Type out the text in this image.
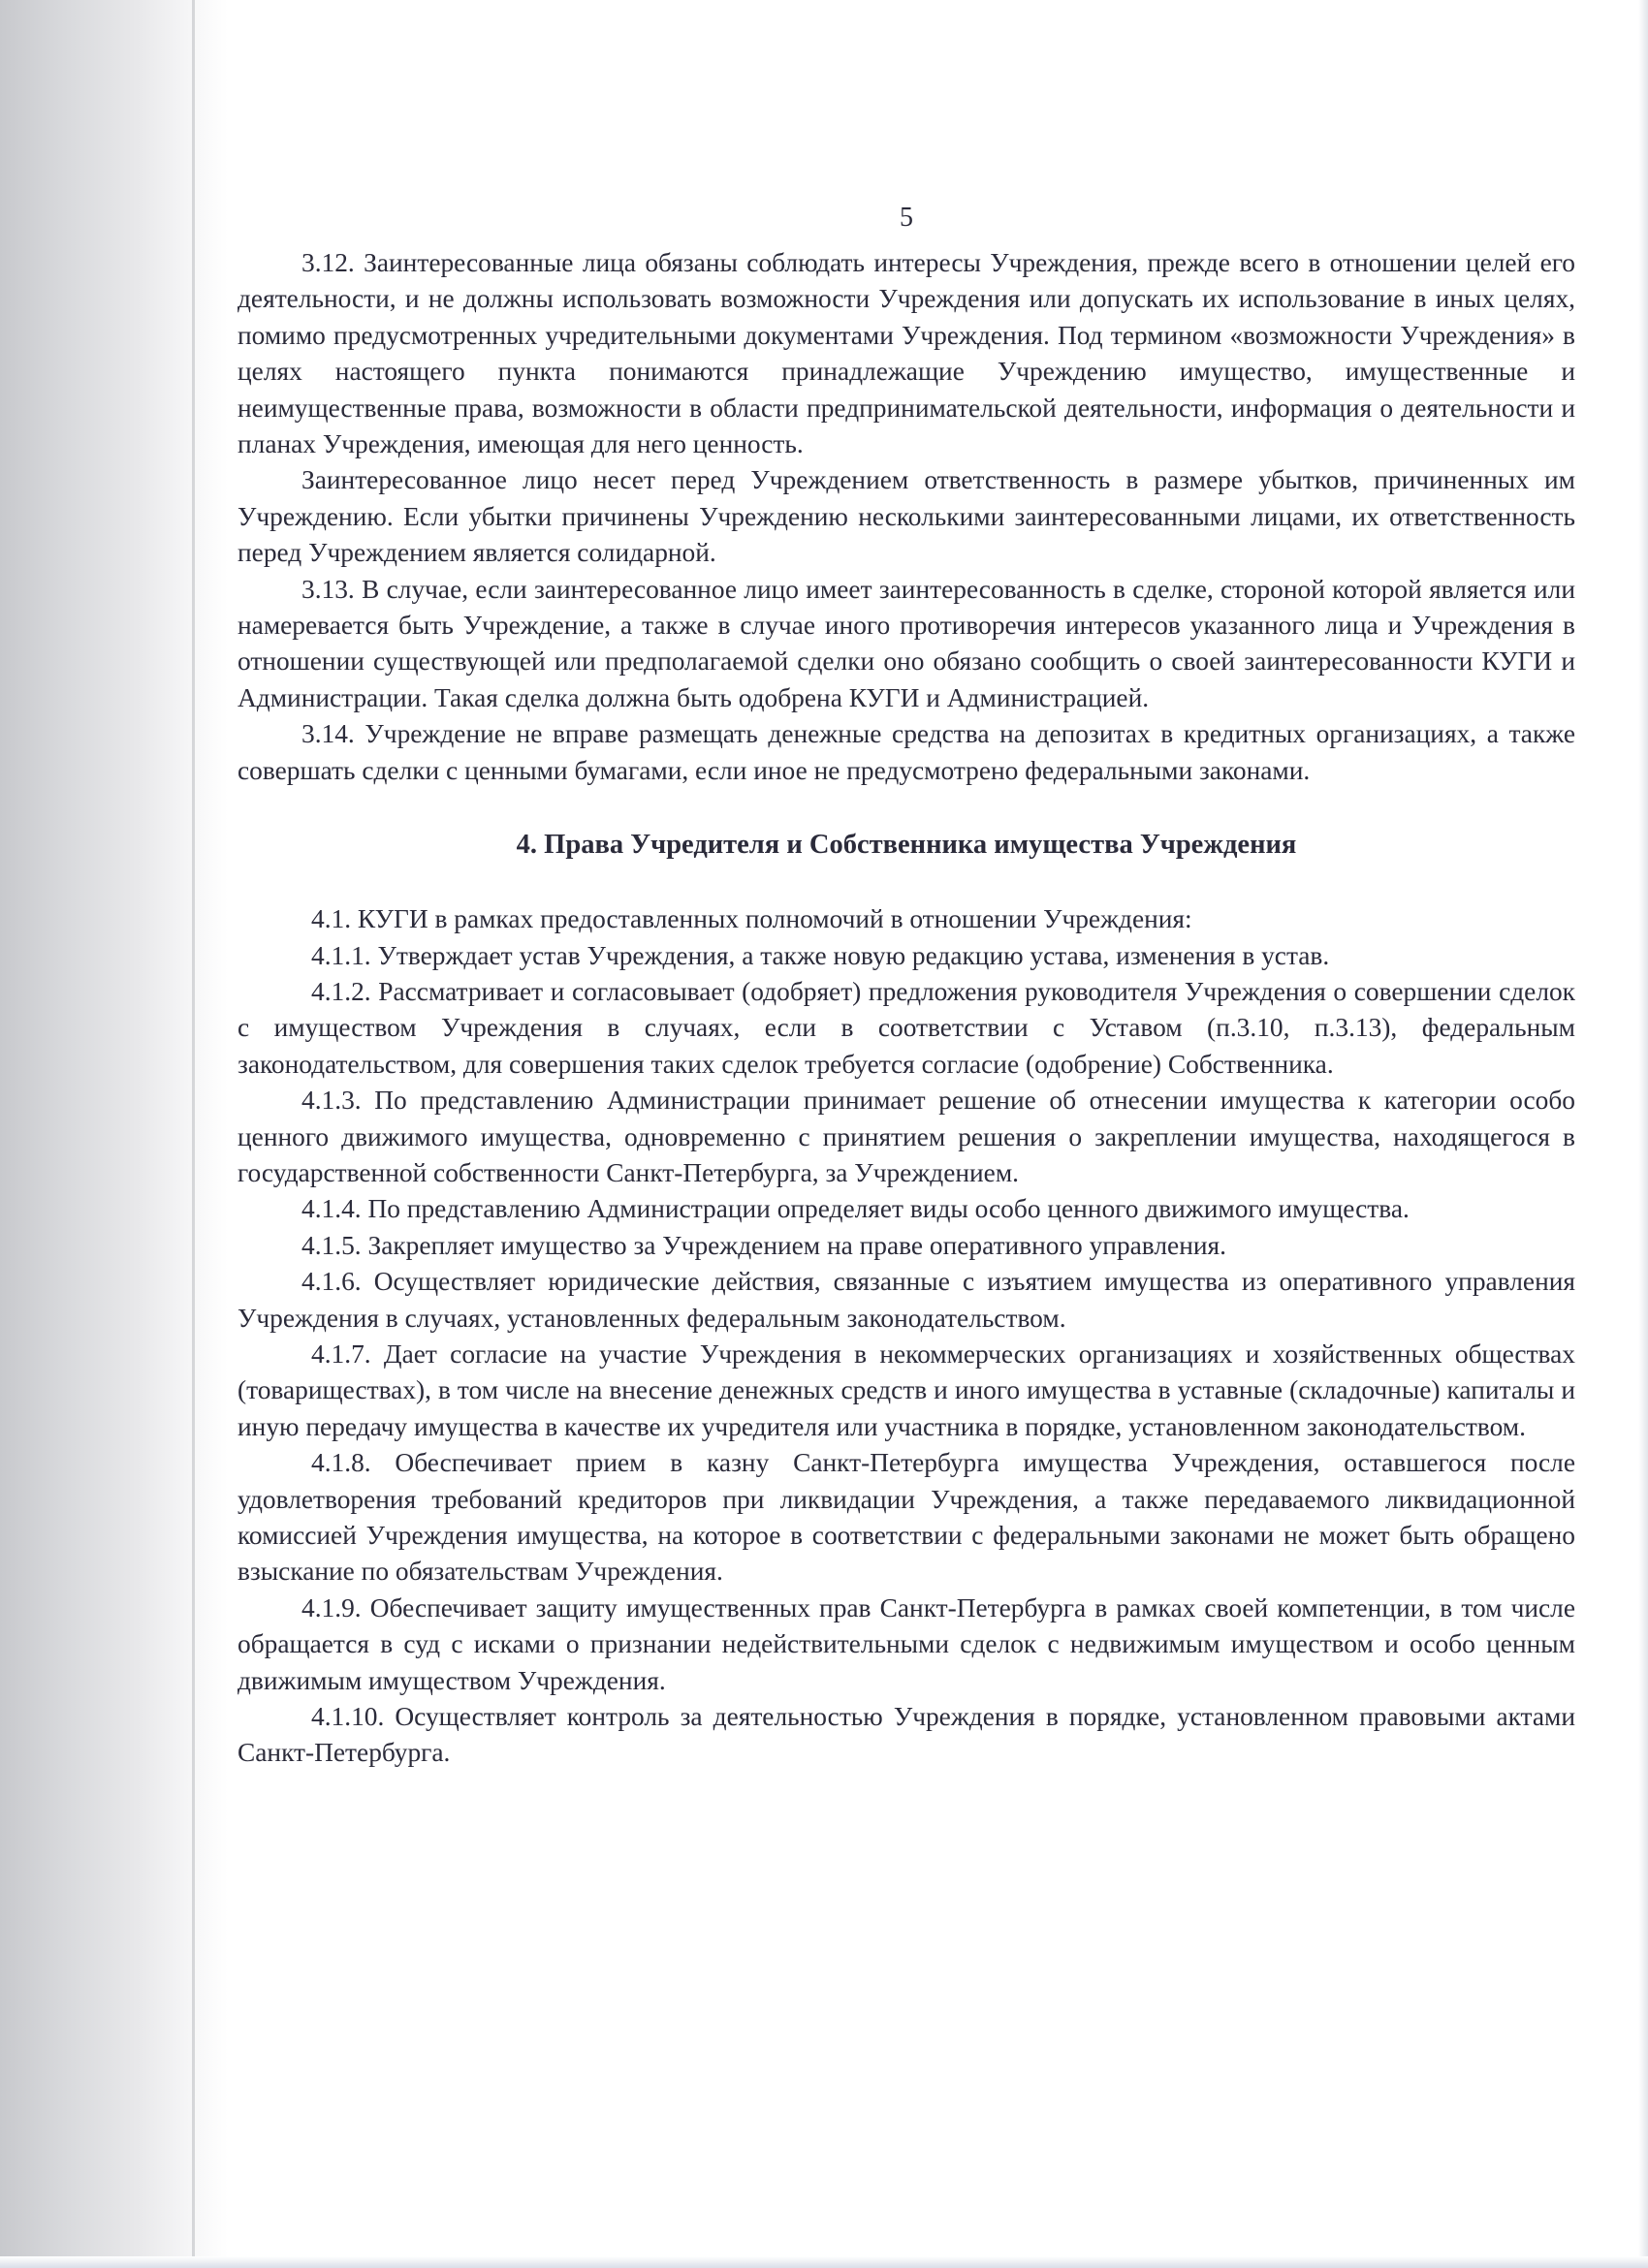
5

3.12. Заинтересованные лица обязаны соблюдать интересы Учреждения, прежде всего в отношении целей его деятельности, и не должны использовать возможности Учреждения или допускать их использование в иных целях, помимо предусмотренных учредительными документами Учреждения. Под термином «возможности Учреждения» в целях настоящего пункта понимаются принадлежащие Учреждению имущество, имущественные и неимущественные права, возможности в области предпринимательской деятельности, информация о деятельности и планах Учреждения, имеющая для него ценность.

Заинтересованное лицо несет перед Учреждением ответственность в размере убытков, причиненных им Учреждению. Если убытки причинены Учреждению несколькими заинтересованными лицами, их ответственность перед Учреждением является солидарной.

3.13. В случае, если заинтересованное лицо имеет заинтересованность в сделке, стороной которой является или намеревается быть Учреждение, а также в случае иного противоречия интересов указанного лица и Учреждения в отношении существующей или предполагаемой сделки оно обязано сообщить о своей заинтересованности КУГИ и Администрации. Такая сделка должна быть одобрена КУГИ и Администрацией.

3.14. Учреждение не вправе размещать денежные средства на депозитах в кредитных организациях, а также совершать сделки с ценными бумагами, если иное не предусмотрено федеральными законами.

4. Права Учредителя и Собственника имущества Учреждения

4.1. КУГИ в рамках предоставленных полномочий в отношении Учреждения:

4.1.1. Утверждает устав Учреждения, а также новую редакцию устава, изменения в устав.

4.1.2. Рассматривает и согласовывает (одобряет) предложения руководителя Учреждения о совершении сделок с имуществом Учреждения в случаях, если в соответствии с Уставом (п.3.10, п.3.13), федеральным законодательством, для совершения таких сделок требуется согласие (одобрение) Собственника.

4.1.3. По представлению Администрации принимает решение об отнесении имущества к категории особо ценного движимого имущества, одновременно с принятием решения о закреплении имущества, находящегося в государственной собственности Санкт-Петербурга, за Учреждением.

4.1.4. По представлению Администрации определяет виды особо ценного движимого имущества.

4.1.5. Закрепляет имущество за Учреждением на праве оперативного управления.

4.1.6. Осуществляет юридические действия, связанные с изъятием имущества из оперативного управления Учреждения в случаях, установленных федеральным законодательством.

4.1.7. Дает согласие на участие Учреждения в некоммерческих организациях и хозяйственных обществах (товариществах), в том числе на внесение денежных средств и иного имущества в уставные (складочные) капиталы и иную передачу имущества в качестве их учредителя или участника в порядке, установленном законодательством.

4.1.8. Обеспечивает прием в казну Санкт-Петербурга имущества Учреждения, оставшегося после удовлетворения требований кредиторов при ликвидации Учреждения, а также передаваемого ликвидационной комиссией Учреждения имущества, на которое в соответствии с федеральными законами не может быть обращено взыскание по обязательствам Учреждения.

4.1.9. Обеспечивает защиту имущественных прав Санкт-Петербурга в рамках своей компетенции, в том числе обращается в суд с исками о признании недействительными сделок с недвижимым имуществом и особо ценным движимым имуществом Учреждения.

4.1.10. Осуществляет контроль за деятельностью Учреждения в порядке, установленном правовыми актами Санкт-Петербурга.
